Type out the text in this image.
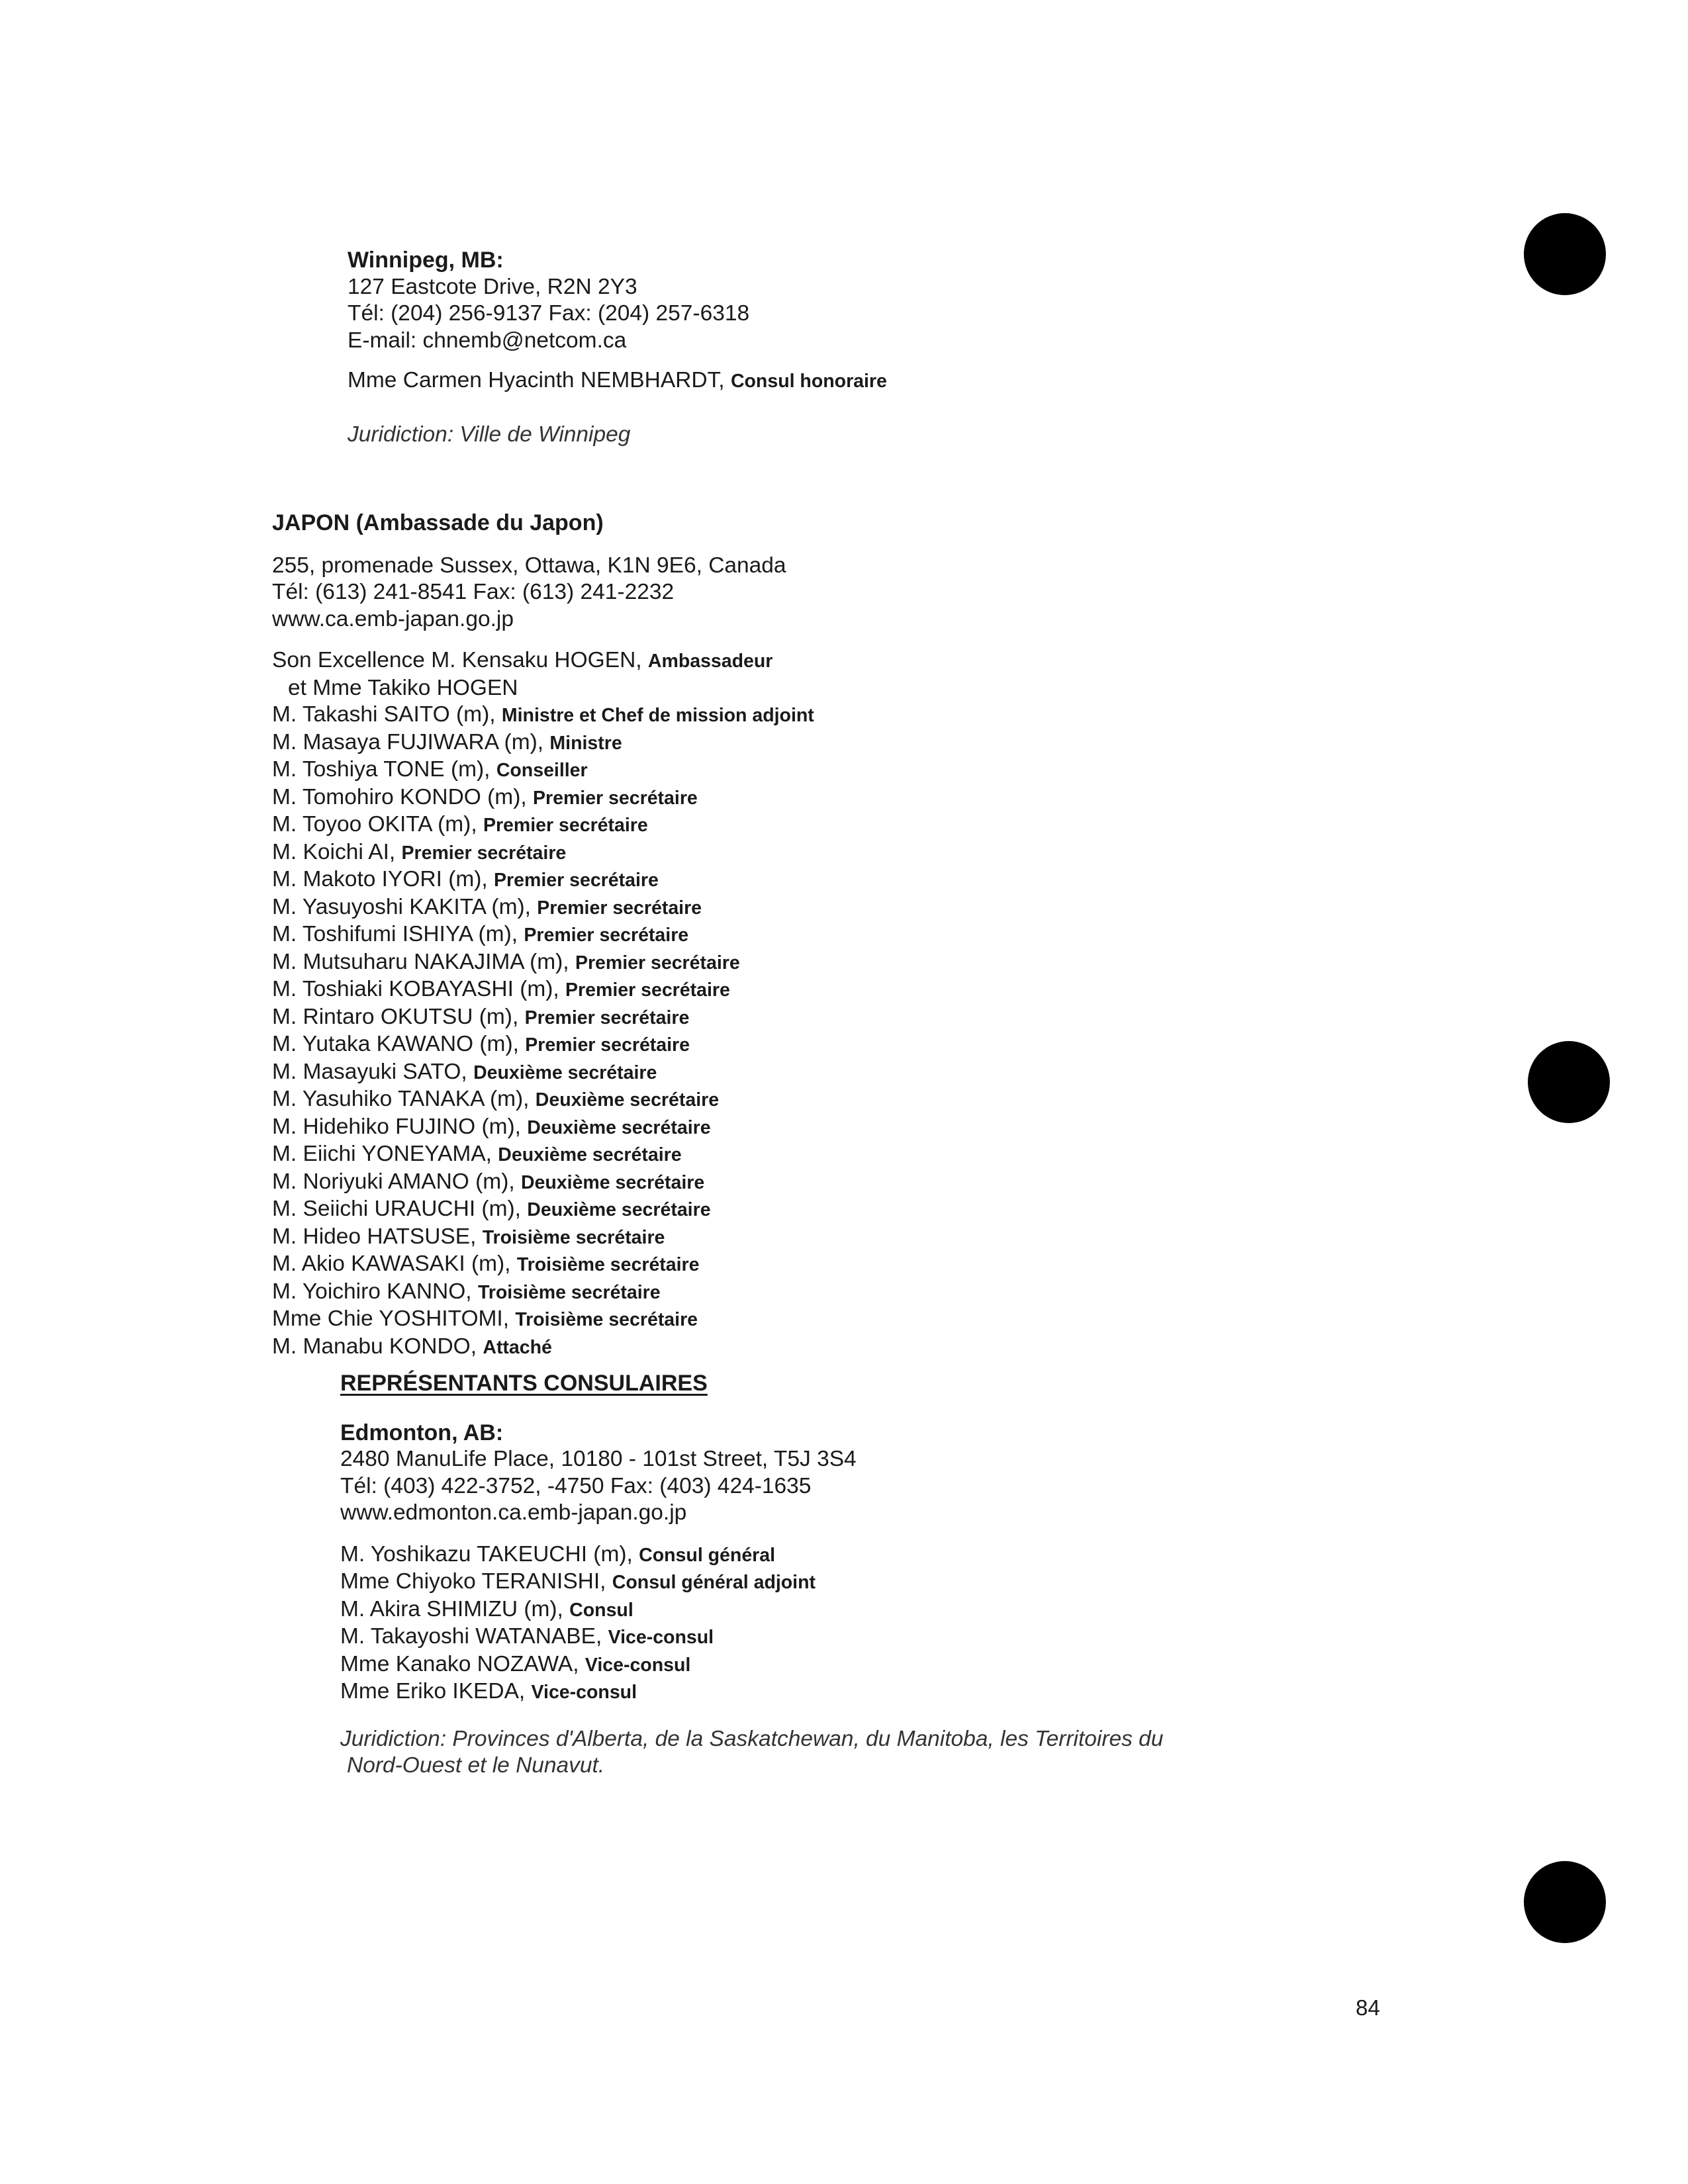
Winnipeg, MB:
127 Eastcote Drive, R2N 2Y3
Tél: (204) 256-9137 Fax: (204) 257-6318
E-mail: chnemb@netcom.ca
Mme Carmen Hyacinth NEMBHARDT, Consul honoraire
Juridiction: Ville de Winnipeg
JAPON (Ambassade du Japon)
255, promenade Sussex, Ottawa, K1N 9E6, Canada
Tél: (613) 241-8541 Fax: (613) 241-2232
www.ca.emb-japan.go.jp
Son Excellence M. Kensaku HOGEN, Ambassadeur
et Mme Takiko HOGEN
M. Takashi SAITO (m), Ministre et Chef de mission adjoint
M. Masaya FUJIWARA (m), Ministre
M. Toshiya TONE (m), Conseiller
M. Tomohiro KONDO (m), Premier secrétaire
M. Toyoo OKITA (m), Premier secrétaire
M. Koichi AI, Premier secrétaire
M. Makoto IYORI (m), Premier secrétaire
M. Yasuyoshi KAKITA (m), Premier secrétaire
M. Toshifumi ISHIYA (m), Premier secrétaire
M. Mutsuharu NAKAJIMA (m), Premier secrétaire
M. Toshiaki KOBAYASHI (m), Premier secrétaire
M. Rintaro OKUTSU (m), Premier secrétaire
M. Yutaka KAWANO (m), Premier secrétaire
M. Masayuki SATO, Deuxième secrétaire
M. Yasuhiko TANAKA (m), Deuxième secrétaire
M. Hidehiko FUJINO (m), Deuxième secrétaire
M. Eiichi YONEYAMA, Deuxième secrétaire
M. Noriyuki AMANO (m), Deuxième secrétaire
M. Seiichi URAUCHI (m), Deuxième secrétaire
M. Hideo HATSUSE, Troisième secrétaire
M. Akio KAWASAKI (m), Troisième secrétaire
M. Yoichiro KANNO, Troisième secrétaire
Mme Chie YOSHITOMI, Troisième secrétaire
M. Manabu KONDO, Attaché
REPRÉSENTANTS CONSULAIRES
Edmonton, AB:
2480 ManuLife Place, 10180 - 101st Street, T5J 3S4
Tél: (403) 422-3752, -4750 Fax: (403) 424-1635
www.edmonton.ca.emb-japan.go.jp
M. Yoshikazu TAKEUCHI (m), Consul général
Mme Chiyoko TERANISHI, Consul général adjoint
M. Akira SHIMIZU (m), Consul
M. Takayoshi WATANABE, Vice-consul
Mme Kanako NOZAWA, Vice-consul
Mme Eriko IKEDA, Vice-consul
Juridiction: Provinces d'Alberta, de la Saskatchewan, du Manitoba, les Territoires du
Nord-Ouest et le Nunavut.
84
